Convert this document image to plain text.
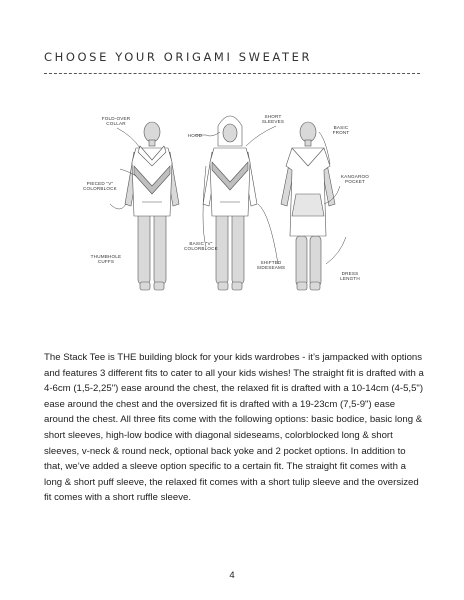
CHOOSE YOUR ORIGAMI SWEATER
FOLD-OVER COLLAR
HOOD
SHORT SLEEVES
BASIC FRONT
KANGAROO POCKET
PIECED "V" COLORBLOCK
BASIC "V" COLORBLOCK
THUMBHOLE CUFFS	SHIFTED SIDESEAMS
DRESS LENGTH
The Stack Tee is THE building block for your kids wardrobes - it’s jampacked with options and features 3 different fits to cater to all your kids wishes! The straight fit is drafted with a 4-6cm (1,5-2,25") ease around the chest, the relaxed fit is drafted with a 10-14cm (4-5,5") ease around the chest and the oversized fit is drafted with a 19-23cm (7,5-9") ease around the chest. All three fits come with the following options: basic bodice, basic long & short sleeves, high-low bodice with diagonal sideseams, colorblocked long & short sleeves, v-neck & round neck, optional back yoke and 2 pocket options. In addition to that, we’ve added a sleeve option specific to a certain fit. The straight fit comes with a long & short puff sleeve, the relaxed fit comes with a short tulip sleeve and the oversized fit comes with a short ruffle sleeve.
4
